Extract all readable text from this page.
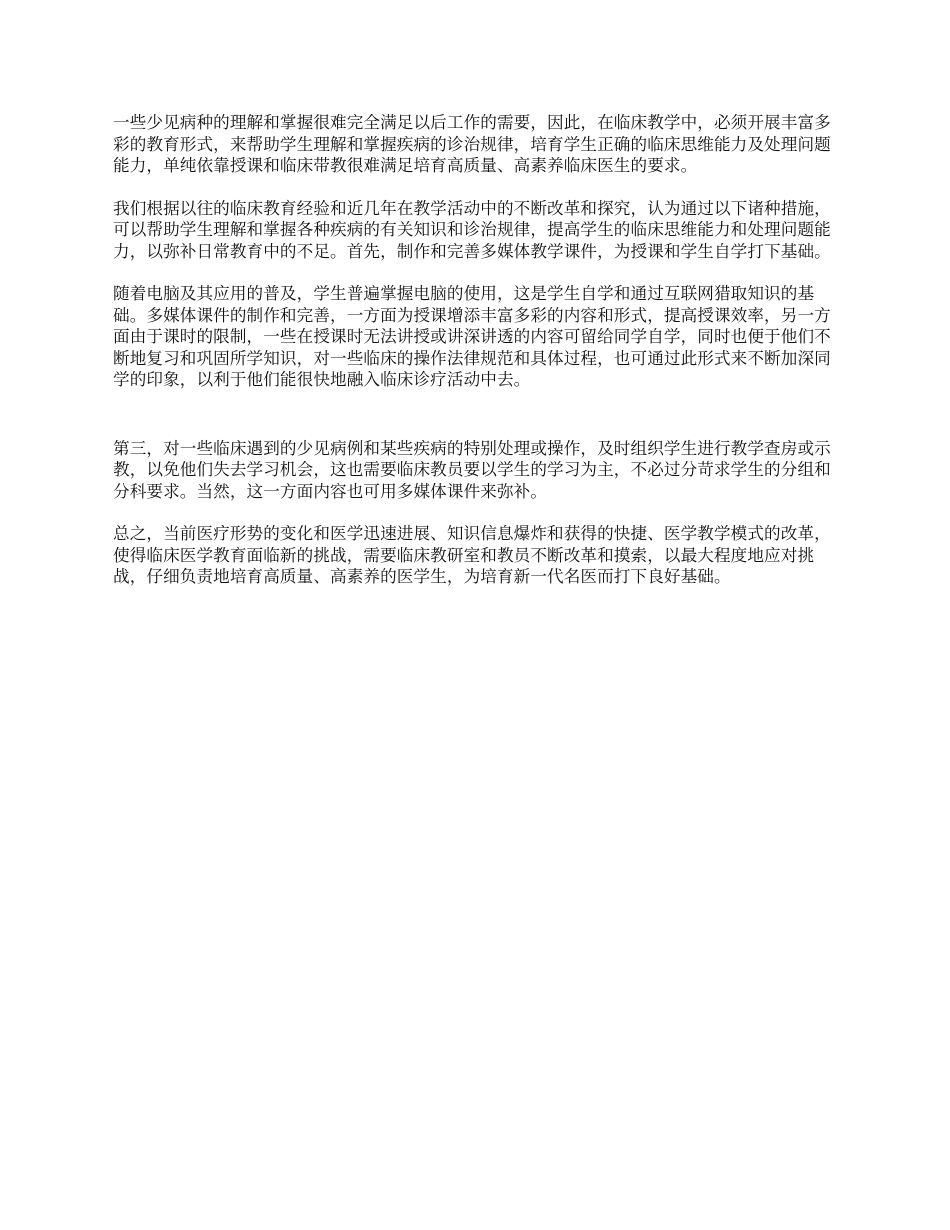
一些少见病种的理解和掌握很难完全满足以后工作的需要，因此，在临床教学中，必须开展丰富多彩的教育形式，来帮助学生理解和掌握疾病的诊治规律，培育学生正确的临床思维能力及处理问题能力，单纯依靠授课和临床带教很难满足培育高质量、高素养临床医生的要求。

我们根据以往的临床教育经验和近几年在教学活动中的不断改革和探究，认为通过以下诸种措施，可以帮助学生理解和掌握各种疾病的有关知识和诊治规律，提高学生的临床思维能力和处理问题能力，以弥补日常教育中的不足。首先，制作和完善多媒体教学课件，为授课和学生自学打下基础。

随着电脑及其应用的普及，学生普遍掌握电脑的使用，这是学生自学和通过互联网猎取知识的基础。多媒体课件的制作和完善，一方面为授课增添丰富多彩的内容和形式，提高授课效率，另一方面由于课时的限制，一些在授课时无法讲授或讲深讲透的内容可留给同学自学，同时也便于他们不断地复习和巩固所学知识，对一些临床的操作法律规范和具体过程，也可通过此形式来不断加深同学的印象，以利于他们能很快地融入临床诊疗活动中去。

第三，对一些临床遇到的少见病例和某些疾病的特别处理或操作，及时组织学生进行教学查房或示教，以免他们失去学习机会，这也需要临床教员要以学生的学习为主，不必过分苛求学生的分组和分科要求。当然，这一方面内容也可用多媒体课件来弥补。

总之，当前医疗形势的变化和医学迅速进展、知识信息爆炸和获得的快捷、医学教学模式的改革，使得临床医学教育面临新的挑战，需要临床教研室和教员不断改革和摸索，以最大程度地应对挑战，仔细负责地培育高质量、高素养的医学生，为培育新一代名医而打下良好基础。
